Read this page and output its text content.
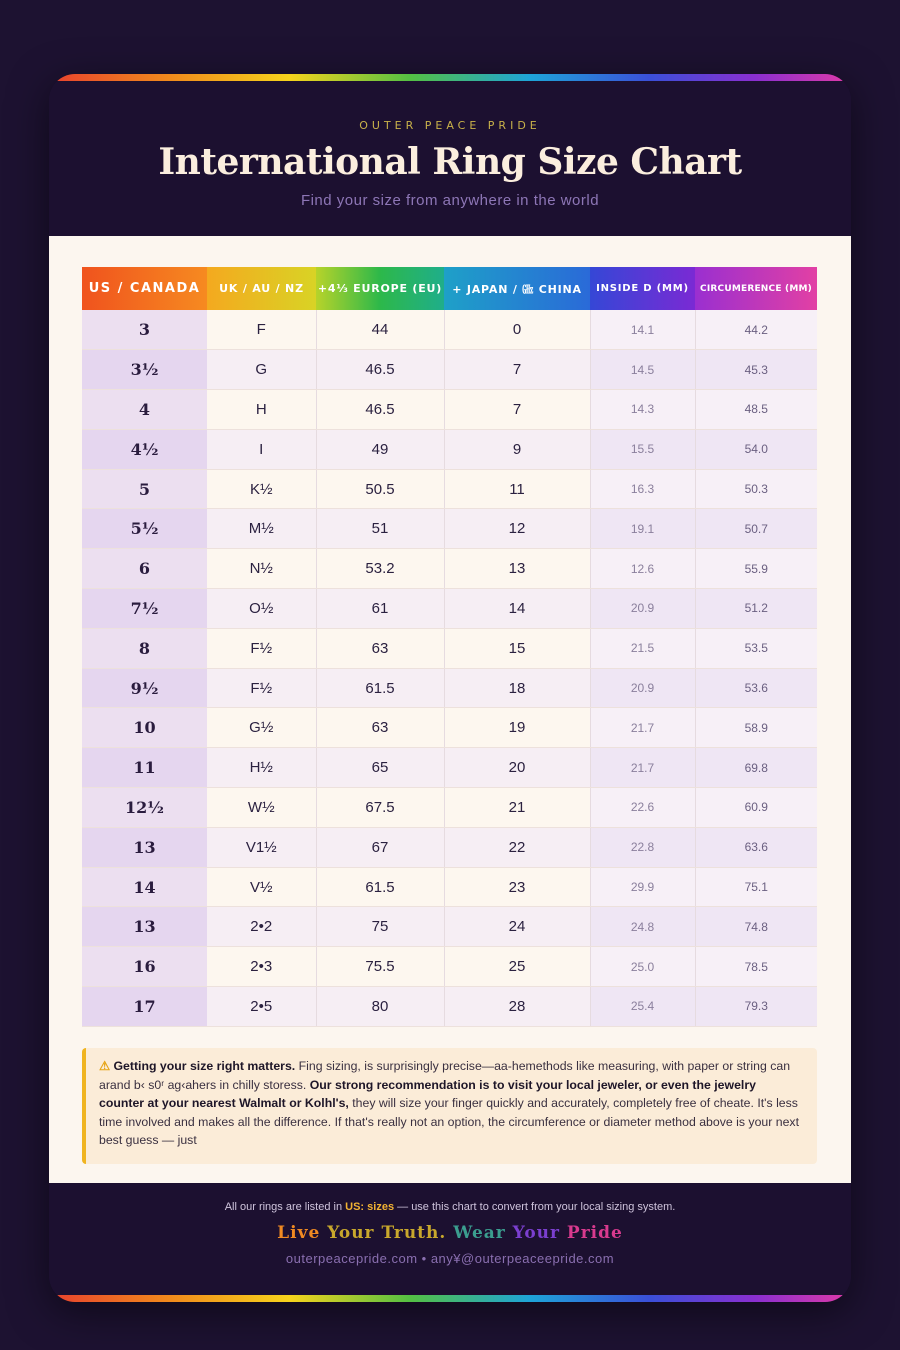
OUTER PEACE PRIDE
International Ring Size Chart
Find your size from anywhere in the world
US / CANADA	UK / AU / NZ	+4⅓ EUROPE (EU)	+ JAPAN / ㎓ CHINA	INSIDE D (MM)	CIRCUMERENCE (MM)
3	F	44	0	14.1	44.2
3½	G	46.5	7	14.5	45.3
4	H	46.5	7	14.3	48.5
4½	I	49	9	15.5	54.0
5	K½	50.5	11	16.3	50.3
5½	M½	51	12	19.1	50.7
6	N½	53.2	13	12.6	55.9
7½	O½	61	14	20.9	51.2
8	F½	63	15	21.5	53.5
9½	F½	61.5	18	20.9	53.6
10	G½	63	19	21.7	58.9
11	H½	65	20	21.7	69.8
12½	W½	67.5	21	22.6	60.9
13	V1½	67	22	22.8	63.6
14	V½	61.5	23	29.9	75.1
13	2•2	75	24	24.8	74.8
16	2•3	75.5	25	25.0	78.5
17	2•5	80	28	25.4	79.3
⚠ Getting your size right matters. Fing sizing, is surprisingly precise—aa-hemethods like measuring, with paper or string can arand b‹ s0ʳ ag‹ahers in chilly storess. Our strong recommendation is to visit your local jeweler, or even the jewelry counter at your nearest Walmalt or Kolhl's, they will size your finger quickly and accurately, completely free of cheate. It's less time involved and makes all the difference. If that's really not an option, the circumference or diameter method above is your next best guess — just
All our rings are listed in US: sizes — use this chart to convert from your local sizing system.
Live Your Truth. Wear Your Pride
outerpeacepride.com • any¥@outerpeaceepride.com
